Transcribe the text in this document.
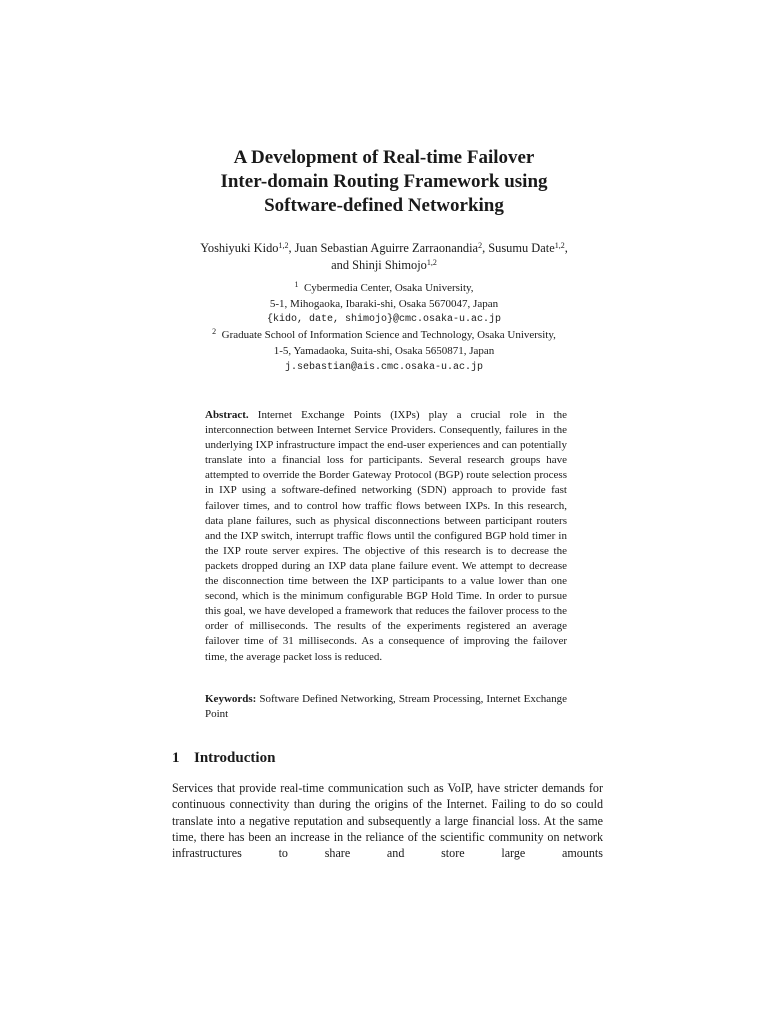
A Development of Real-time Failover
Inter-domain Routing Framework using
Software-defined Networking
Yoshiyuki Kido$^{1,2}$, Juan Sebastian Aguirre Zarraonandia$^2$, Susumu Date$^{1,2}$,
and Shinji Shimojo$^{1,2}$
$^1$ Cybermedia Center, Osaka University,
5-1, Mihogaoka, Ibaraki-shi, Osaka 5670047, Japan
{kido, date, shimojo}@cmc.osaka-u.ac.jp
$^2$ Graduate School of Information Science and Technology, Osaka University,
1-5, Yamadaoka, Suita-shi, Osaka 5650871, Japan
j.sebastian@ais.cmc.osaka-u.ac.jp
Abstract. Internet Exchange Points (IXPs) play a crucial role in the interconnection between Internet Service Providers. Consequently, failures in the underlying IXP infrastructure impact the end-user experiences and can potentially translate into a financial loss for participants. Several research groups have attempted to override the Border Gateway Protocol (BGP) route selection process in IXP using a software-defined networking (SDN) approach to provide fast failover times, and to control how traffic flows between IXPs. In this research, data plane failures, such as physical disconnections between participant routers and the IXP switch, interrupt traffic flows until the configured BGP hold timer in the IXP route server expires. The objective of this research is to decrease the packets dropped during an IXP data plane failure event. We attempt to decrease the disconnection time between the IXP participants to a value lower than one second, which is the minimum configurable BGP Hold Time. In order to pursue this goal, we have developed a framework that reduces the failover process to the order of milliseconds. The results of the experiments registered an average failover time of 31 milliseconds. As a consequence of improving the failover time, the average packet loss is reduced.
Keywords: Software Defined Networking, Stream Processing, Internet Exchange Point
1 Introduction
Services that provide real-time communication such as VoIP, have stricter demands for continuous connectivity than during the origins of the Internet. Failing to do so could translate into a negative reputation and subsequently a large financial loss. At the same time, there has been an increase in the reliance of the scientific community on network infrastructures to share and store large amounts
